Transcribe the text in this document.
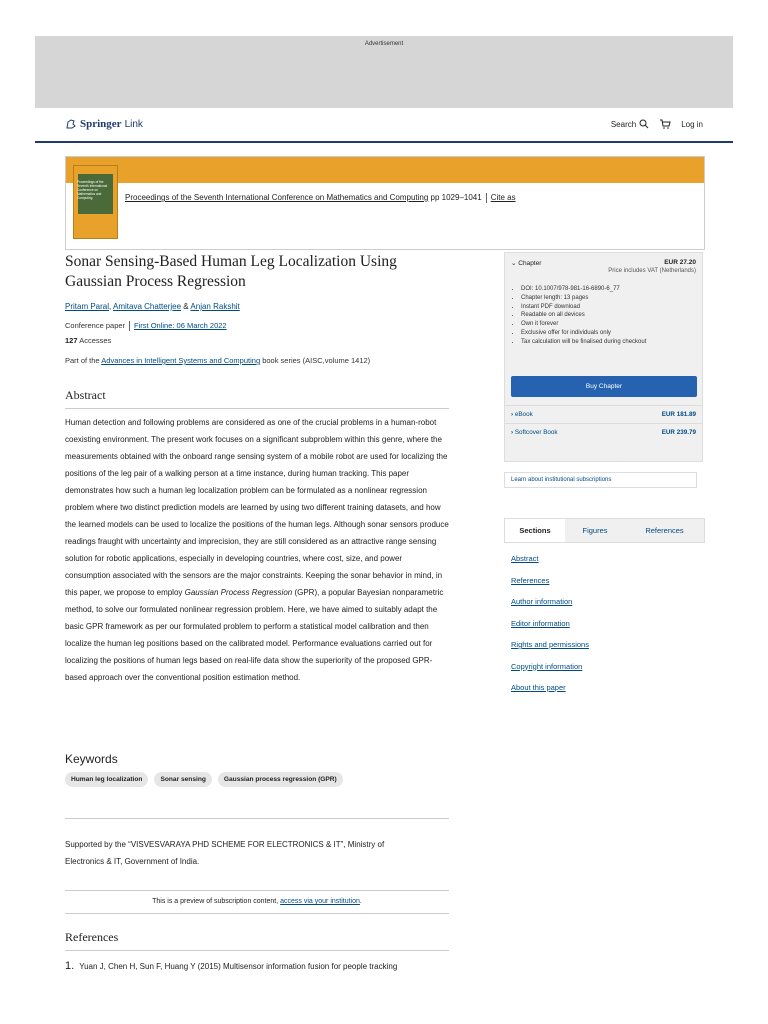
Advertisement
Springer Link	Search	Log in
Proceedings of the Seventh International Conference on Mathematics and Computing	Proceedings of the Seventh International Conference on Mathematics and Computing pp 1029–1041 Cite as
Sonar Sensing-Based Human Leg Localization Using Gaussian Process Regression
Pritam Paral, Amitava Chatterjee & Anjan Rakshit
Conference paper First Online: 06 March 2022
127 Accesses
Part of the Advances in Intelligent Systems and Computing book series (AISC,volume 1412)
Abstract
Human detection and following problems are considered as one of the crucial problems in a human-robot coexisting environment. The present work focuses on a significant subproblem within this genre, where the measurements obtained with the onboard range sensing system of a mobile robot are used for localizing the positions of the leg pair of a walking person at a time instance, during human tracking. This paper demonstrates how such a human leg localization problem can be formulated as a nonlinear regression problem where two distinct prediction models are learned by using two different training datasets, and how the learned models can be used to localize the positions of the human legs. Although sonar sensors produce readings fraught with uncertainty and imprecision, they are still considered as an attractive range sensing solution for robotic applications, especially in developing countries, where cost, size, and power consumption associated with the sensors are the major constraints. Keeping the sonar behavior in mind, in this paper, we propose to employ Gaussian Process Regression (GPR), a popular Bayesian nonparametric method, to solve our formulated nonlinear regression problem. Here, we have aimed to suitably adapt the basic GPR framework as per our formulated problem to perform a statistical model calibration and then localize the human leg positions based on the calibrated model. Performance evaluations carried out for localizing the positions of human legs based on real-life data show the superiority of the proposed GPR-based approach over the conventional position estimation method.
Keywords
Human leg localization	Sonar sensing	Gaussian process regression (GPR)
Supported by the “VISVESVARAYA PHD SCHEME FOR ELECTRONICS & IT”, Ministry of Electronics & IT, Government of India.
This is a preview of subscription content, access via your institution.
References
1. Yuan J, Chen H, Sun F, Huang Y (2015) Multisensor information fusion for people tracking
⌄ Chapter	EUR 27.20
Price includes VAT (Netherlands)
• DOI: 10.1007/978-981-16-6890-6_77
• Chapter length: 13 pages
• Instant PDF download
• Readable on all devices
• Own it forever
• Exclusive offer for individuals only
• Tax calculation will be finalised during checkout
Buy Chapter
› eBook	EUR 181.89
› Softcover Book	EUR 239.79
Learn about institutional subscriptions
Sections	Figures	References
Abstract
References
Author information
Editor information
Rights and permissions
Copyright information
About this paper
